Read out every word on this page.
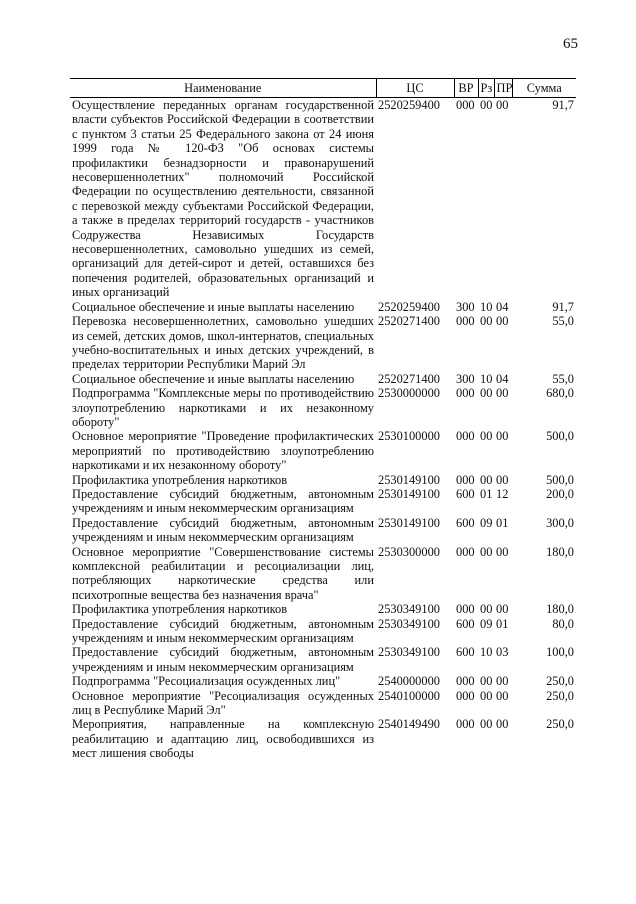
65
Наименование	ЦС	ВР	Рз	ПР	Сумма
Осуществление переданных органам государственной власти субъектов Российской Федерации в соответствии с пунктом 3 статьи 25 Федерального закона от 24 июня 1999 года № 120-ФЗ "Об основах системы профилактики безнадзорности и правонарушений несовершеннолетних" полномочий Российской Федерации по осуществлению деятельности, связанной с перевозкой между субъектами Российской Федерации, а также в пределах территорий государств - участников Содружества Независимых Государств несовершеннолетних, самовольно ушедших из семей, организаций для детей-сирот и детей, оставшихся без попечения родителей, образовательных организаций и иных организаций	2520259400	000	00	00	91,7
Социальное обеспечение и иные выплаты населению	2520259400	300	10	04	91,7
Перевозка несовершеннолетних, самовольно ушедших из семей, детских домов, школ-интернатов, специальных учебно-воспитательных и иных детских учреждений, в пределах территории Республики Марий Эл	2520271400	000	00	00	55,0
Социальное обеспечение и иные выплаты населению	2520271400	300	10	04	55,0
Подпрограмма "Комплексные меры по противодействию злоупотреблению наркотиками и их незаконному обороту"	2530000000	000	00	00	680,0
Основное мероприятие "Проведение профилактических мероприятий по противодействию злоупотреблению наркотиками и их незаконному обороту"	2530100000	000	00	00	500,0
Профилактика употребления наркотиков	2530149100	000	00	00	500,0
Предоставление субсидий бюджетным, автономным учреждениям и иным некоммерческим организациям	2530149100	600	01	12	200,0
Предоставление субсидий бюджетным, автономным учреждениям и иным некоммерческим организациям	2530149100	600	09	01	300,0
Основное мероприятие "Совершенствование системы комплексной реабилитации и ресоциализации лиц, потребляющих наркотические средства или психотропные вещества без назначения врача"	2530300000	000	00	00	180,0
Профилактика употребления наркотиков	2530349100	000	00	00	180,0
Предоставление субсидий бюджетным, автономным учреждениям и иным некоммерческим организациям	2530349100	600	09	01	80,0
Предоставление субсидий бюджетным, автономным учреждениям и иным некоммерческим организациям	2530349100	600	10	03	100,0
Подпрограмма "Ресоциализация осужденных лиц"	2540000000	000	00	00	250,0
Основное мероприятие "Ресоциализация осужденных лиц в Республике Марий Эл"	2540100000	000	00	00	250,0
Мероприятия, направленные на комплексную реабилитацию и адаптацию лиц, освободившихся из мест лишения свободы	2540149490	000	00	00	250,0
